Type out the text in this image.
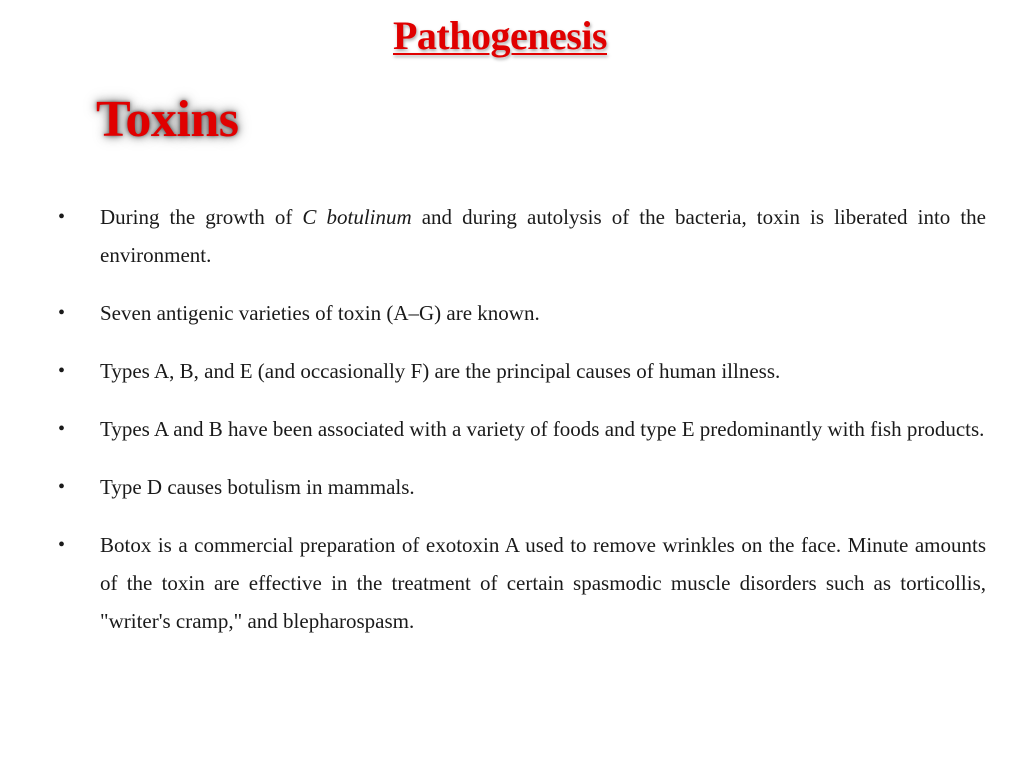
Pathogenesis
Toxins
• During the growth of C botulinum and during autolysis of the bacteria, toxin is liberated into the environment.
• Seven antigenic varieties of toxin (A–G) are known.
• Types A, B, and E (and occasionally F) are the principal causes of human illness.
• Types A and B have been associated with a variety of foods and type E predominantly with fish products.
• Type D causes botulism in mammals.
• Botox is a commercial preparation of exotoxin A used to remove wrinkles on the face. Minute amounts of the toxin are effective in the treatment of certain spasmodic muscle disorders such as torticollis, "writer's cramp," and blepharospasm.
